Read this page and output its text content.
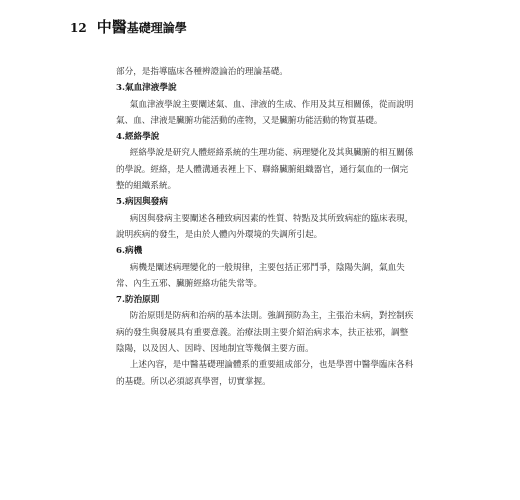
12 中醫基礎理論學

部分，是指導臨床各種辨證論治的理論基礎。

3.氣血津液學說

氣血津液學說主要闡述氣、血、津液的生成、作用及其互相關係，從而說明氣、血、津液是臟腑功能活動的產物，又是臟腑功能活動的物質基礎。

4.經絡學說

經絡學說是研究人體經絡系統的生理功能、病理變化及其與臟腑的相互關係的學說。經絡，是人體溝通表裡上下、聯絡臟腑組織器官，通行氣血的一個完整的組織系統。

5.病因與發病

病因與發病主要闡述各種致病因素的性質、特點及其所致病症的臨床表現，說明疾病的發生，是由於人體內外環境的失調所引起。

6.病機

病機是闡述病理變化的一般規律，主要包括正邪鬥爭，陰陽失調，氣血失常、內生五邪、臟腑經絡功能失常等。

7.防治原則

防治原則是防病和治病的基本法則。強調預防為主，主張治未病，對控制疾病的發生與發展具有重要意義。治療法則主要介紹治病求本，扶正祛邪，調整陰陽，以及因人、因時、因地制宜等幾個主要方面。

上述內容，是中醫基礎理論體系的重要組成部分，也是學習中醫學臨床各科的基礎。所以必須認真學習，切實掌握。
